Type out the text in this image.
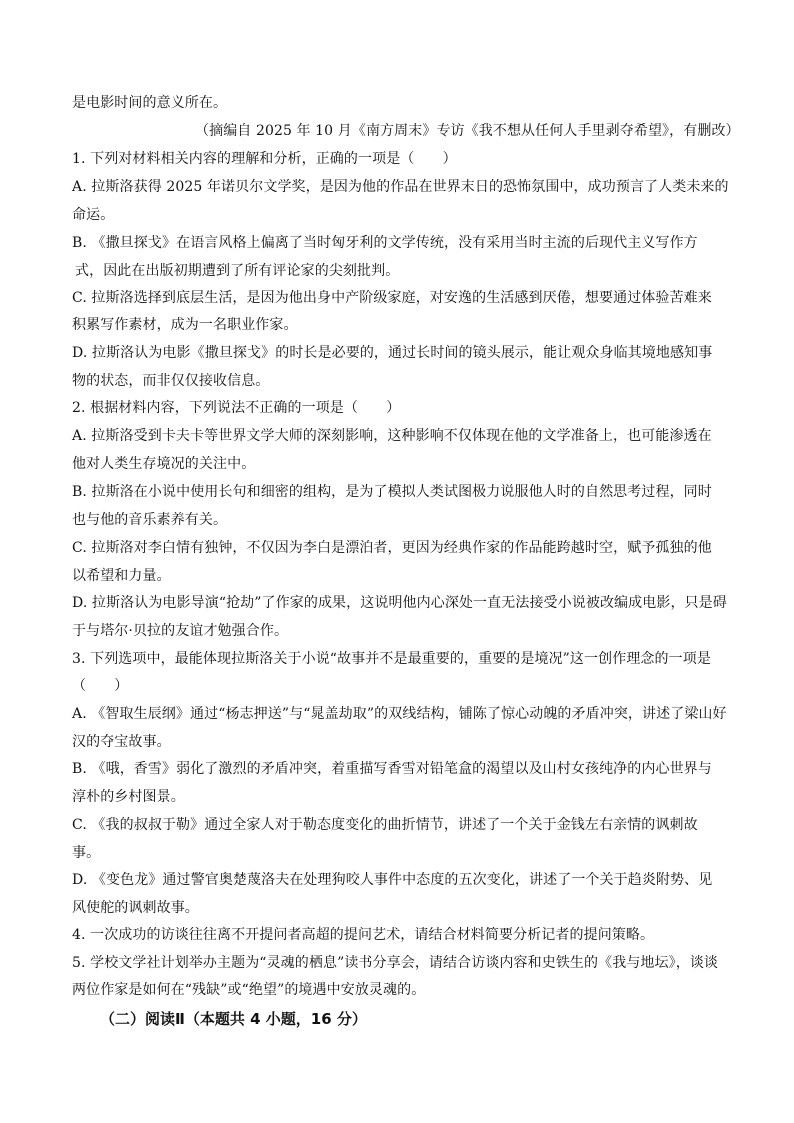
是电影时间的意义所在。
（摘编自 2025 年 10 月《南方周末》专访《我不想从任何人手里剥夺希望》，有删改）
1. 下列对材料相关内容的理解和分析，正确的一项是（　　）
A. 拉斯洛获得 2025 年诺贝尔文学奖，是因为他的作品在世界末日的恐怖氛围中，成功预言了人类未来的
命运。
B. 《撒旦探戈》在语言风格上偏离了当时匈牙利的文学传统，没有采用当时主流的后现代主义写作方
式，因此在出版初期遭到了所有评论家的尖刻批判。
C. 拉斯洛选择到底层生活，是因为他出身中产阶级家庭，对安逸的生活感到厌倦，想要通过体验苦难来
积累写作素材，成为一名职业作家。
D. 拉斯洛认为电影《撒旦探戈》的时长是必要的，通过长时间的镜头展示，能让观众身临其境地感知事
物的状态，而非仅仅接收信息。
2. 根据材料内容，下列说法不正确的一项是（　　）
A. 拉斯洛受到卡夫卡等世界文学大师的深刻影响，这种影响不仅体现在他的文学准备上，也可能渗透在
他对人类生存境况的关注中。
B. 拉斯洛在小说中使用长句和细密的组构，是为了模拟人类试图极力说服他人时的自然思考过程，同时
也与他的音乐素养有关。
C. 拉斯洛对李白情有独钟，不仅因为李白是漂泊者，更因为经典作家的作品能跨越时空，赋予孤独的他
以希望和力量。
D. 拉斯洛认为电影导演“抢劫”了作家的成果，这说明他内心深处一直无法接受小说被改编成电影，只是碍
于与塔尔·贝拉的友谊才勉强合作。
3. 下列选项中，最能体现拉斯洛关于小说“故事并不是最重要的，重要的是境况”这一创作理念的一项是
（　　）
A. 《智取生辰纲》通过“杨志押送”与“晁盖劫取”的双线结构，铺陈了惊心动魄的矛盾冲突，讲述了梁山好
汉的夺宝故事。
B. 《哦，香雪》弱化了激烈的矛盾冲突，着重描写香雪对铅笔盒的渴望以及山村女孩纯净的内心世界与
淳朴的乡村图景。
C. 《我的叔叔于勒》通过全家人对于勒态度变化的曲折情节，讲述了一个关于金钱左右亲情的讽刺故
事。
D. 《变色龙》通过警官奥楚蔑洛夫在处理狗咬人事件中态度的五次变化，讲述了一个关于趋炎附势、见
风使舵的讽刺故事。
4. 一次成功的访谈往往离不开提问者高超的提问艺术，请结合材料简要分析记者的提问策略。
5. 学校文学社计划举办主题为“灵魂的栖息”读书分享会，请结合访谈内容和史铁生的《我与地坛》，谈谈
两位作家是如何在“残缺”或“绝望”的境遇中安放灵魂的。
（二）阅读Ⅱ（本题共 4 小题，16 分）
